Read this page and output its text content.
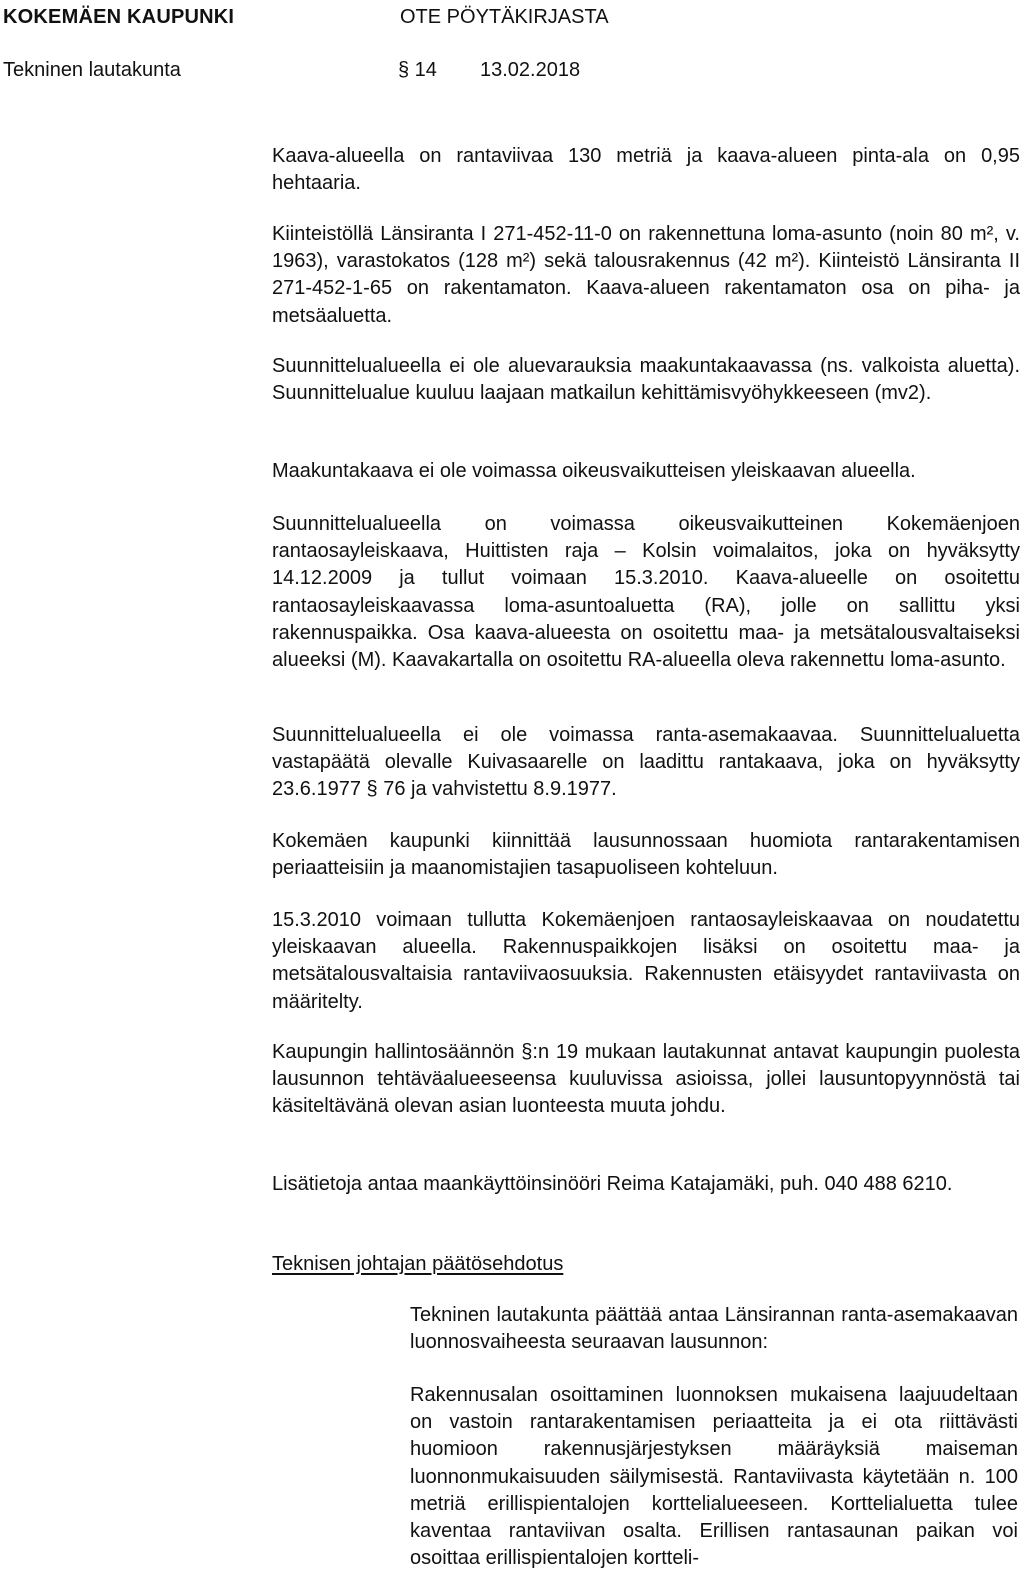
KOKEMÄEN KAUPUNKI	OTE PÖYTÄKIRJASTA
Tekninen lautakunta	§ 14 13.02.2018

Kaava-alueella on rantaviivaa 130 metriä ja kaava-alueen pinta-ala on 0,95 hehtaaria.

Kiinteistöllä Länsiranta I 271-452-11-0 on rakennettuna loma-asunto (noin 80 m², v. 1963), varastokatos (128 m²) sekä talousrakennus (42 m²). Kiinteistö Länsiranta II 271-452-1-65 on rakentamaton. Kaava-alueen rakentamaton osa on piha- ja metsäaluetta.

Suunnittelualueella ei ole aluevarauksia maakuntakaavassa (ns. valkoista aluetta). Suunnittelualue kuuluu laajaan matkailun kehittämisvyöhykkeeseen (mv2).

Maakuntakaava ei ole voimassa oikeusvaikutteisen yleiskaavan alueella.

Suunnittelualueella on voimassa oikeusvaikutteinen Kokemäenjoen rantaosayleiskaava, Huittisten raja – Kolsin voimalaitos, joka on hyväksytty 14.12.2009 ja tullut voimaan 15.3.2010. Kaava-alueelle on osoitettu rantaosayleiskaavassa loma-asuntoaluetta (RA), jolle on sallittu yksi rakennuspaikka. Osa kaava-alueesta on osoitettu maa- ja metsätalousvaltaiseksi alueeksi (M). Kaavakartalla on osoitettu RA-alueella oleva rakennettu loma-asunto.

Suunnittelualueella ei ole voimassa ranta-asemakaavaa. Suunnittelualuetta vastapäätä olevalle Kuivasaarelle on laadittu rantakaava, joka on hyväksytty 23.6.1977 § 76 ja vahvistettu 8.9.1977.

Kokemäen kaupunki kiinnittää lausunnossaan huomiota rantarakentamisen periaatteisiin ja maanomistajien tasapuoliseen kohteluun.

15.3.2010 voimaan tullutta Kokemäenjoen rantaosayleiskaavaa on noudatettu yleiskaavan alueella. Rakennuspaikkojen lisäksi on osoitettu maa- ja metsätalousvaltaisia rantaviivaosuuksia. Rakennusten etäisyydet rantaviivasta on määritelty.

Kaupungin hallintosäännön §:n 19 mukaan lautakunnat antavat kaupungin puolesta lausunnon tehtäväalueeseensa kuuluvissa asioissa, jollei lausuntopyynnöstä tai käsiteltävänä olevan asian luonteesta muuta johdu.

Lisätietoja antaa maankäyttöinsinööri Reima Katajamäki, puh. 040 488 6210.

Teknisen johtajan päätösehdotus

Tekninen lautakunta päättää antaa Länsirannan ranta-asemakaavan luonnosvaiheesta seuraavan lausunnon:

Rakennusalan osoittaminen luonnoksen mukaisena laajuudeltaan on vastoin rantarakentamisen periaatteita ja ei ota riittävästi huomioon rakennusjärjestyksen määräyksiä maiseman luonnonmukaisuuden säilymisestä. Rantaviivasta käytetään n. 100 metriä erillispientalojen korttelialueeseen. Korttelialuetta tulee kaventaa rantaviivan osalta. Erillisen rantasaunan paikan voi osoittaa erillispientalojen kortteli-
